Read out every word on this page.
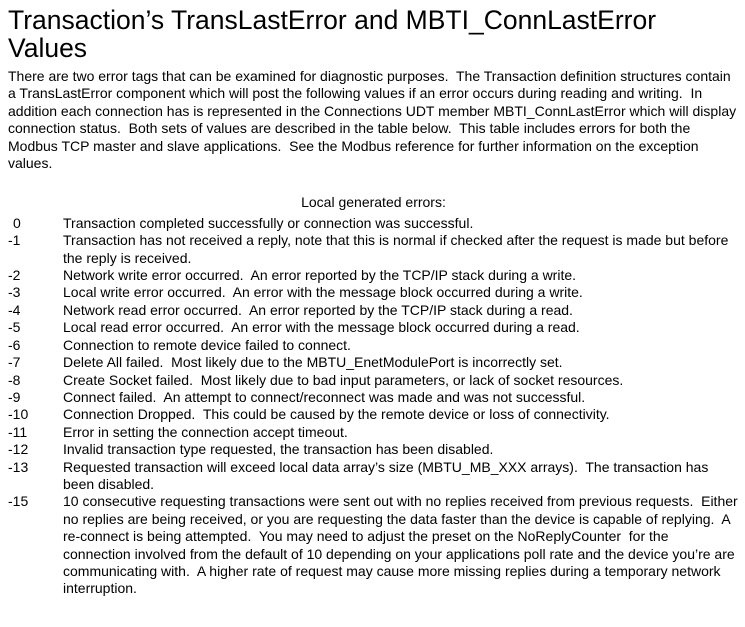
Transaction’s TransLastError and MBTI_ConnLastError Values

There are two error tags that can be examined for diagnostic purposes.  The Transaction definition structures contain a TransLastError component which will post the following values if an error occurs during reading and writing.  In addition each connection has is represented in the Connections UDT member MBTI_ConnLastError which will display connection status.  Both sets of values are described in the table below.  This table includes errors for both the Modbus TCP master and slave applications.  See the Modbus reference for further information on the exception values.

Local generated errors:
0	Transaction completed successfully or connection was successful.
-1	Transaction has not received a reply, note that this is normal if checked after the request is made but before the reply is received.
-2	Network write error occurred.  An error reported by the TCP/IP stack during a write.
-3	Local write error occurred.  An error with the message block occurred during a write.
-4	Network read error occurred.  An error reported by the TCP/IP stack during a read.
-5	Local read error occurred.  An error with the message block occurred during a read.
-6	Connection to remote device failed to connect.
-7	Delete All failed.  Most likely due to the MBTU_EnetModulePort is incorrectly set.
-8	Create Socket failed.  Most likely due to bad input parameters, or lack of socket resources.
-9	Connect failed.  An attempt to connect/reconnect was made and was not successful.
-10	Connection Dropped.  This could be caused by the remote device or loss of connectivity.
-11	Error in setting the connection accept timeout.
-12	Invalid transaction type requested, the transaction has been disabled.
-13	Requested transaction will exceed local data array’s size (MBTU_MB_XXX arrays).  The transaction has been disabled.
-15	10 consecutive requesting transactions were sent out with no replies received from previous requests.  Either no replies are being received, or you are requesting the data faster than the device is capable of replying.  A re-connect is being attempted.  You may need to adjust the preset on the NoReplyCounter  for the connection involved from the default of 10 depending on your applications poll rate and the device you’re are communicating with.  A higher rate of request may cause more missing replies during a temporary network interruption.
